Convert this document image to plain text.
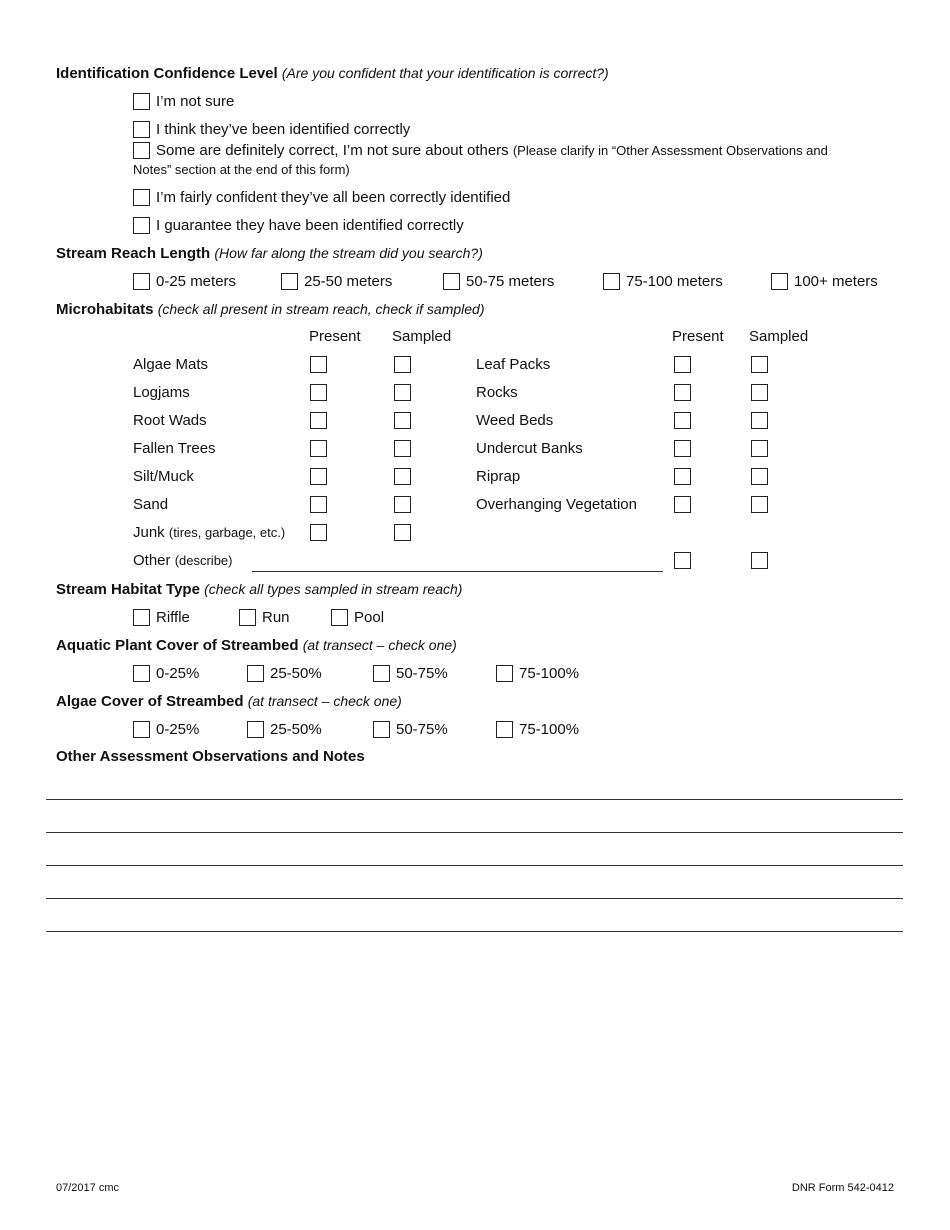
Identification Confidence Level (Are you confident that your identification is correct?)
I’m not sure
I think they’ve been identified correctly
Some are definitely correct, I’m not sure about others
(Please clarify in “Other Assessment Observations and
Notes” section at the end of this form)
I’m fairly confident they’ve all been correctly identified
I guarantee they have been identified correctly
Stream Reach Length (How far along the stream did you search?)
0-25 meters	25-50 meters	50-75 meters	75-100 meters	100+ meters
Microhabitats (check all present in stream reach, check if sampled)
Present Sampled	Present Sampled
Algae Mats	Leaf Packs
Logjams	Rocks
Root Wads	Weed Beds
Fallen Trees	Undercut Banks
Silt/Muck	Riprap
Sand	Overhanging Vegetation
Junk (tires, garbage, etc.)
Other (describe)
Stream Habitat Type (check all types sampled in stream reach)
Riffle	Run	Pool
Aquatic Plant Cover of Streambed (at transect – check one)
0-25%	25-50%	50-75%	75-100%
Algae Cover of Streambed (at transect – check one)
0-25%	25-50%	50-75%	75-100%
Other Assessment Observations and Notes
07/2017 cmc	DNR Form 542-0412
